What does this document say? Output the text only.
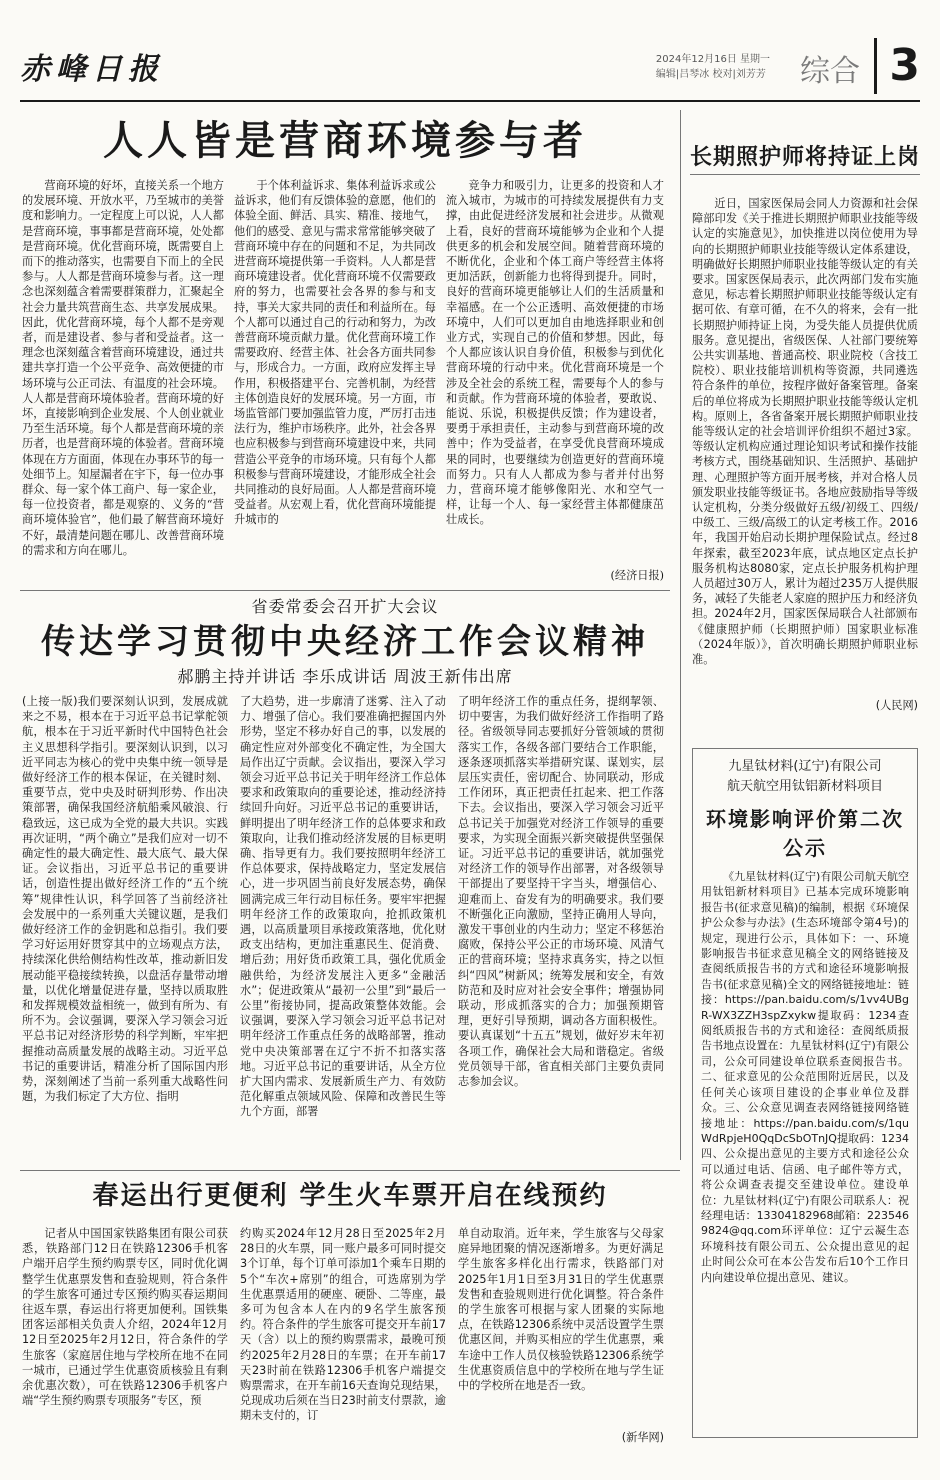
赤峰日报	2024年12月16日 星期一
编辑|吕琴冰 校对|刘芳芳 综合 3
人人皆是营商环境参与者

营商环境的好坏，直接关系一个地方的发展环境、开放水平，乃至城市的美誉度和影响力。一定程度上可以说，人人都是营商环境，事事都是营商环境，处处都是营商环境。优化营商环境，既需要自上而下的推动落实，也需要自下而上的全民参与。人人都是营商环境参与者。这一理念也深刻蕴含着需要群策群力，汇聚起全社会力量共筑营商生态、共享发展成果。因此，优化营商环境，每个人都不是旁观者，而是建设者、参与者和受益者。这一理念也深刻蕴含着营商环境建设，通过共建共享打造一个公平竞争、高效便捷的市场环境与公正司法、有温度的社会环境。人人都是营商环境体验者。营商环境的好坏，直接影响到企业发展、个人创业就业乃至生活环境。每个人都是营商环境的亲历者，也是营商环境的体验者。营商环境体现在方方面面，体现在办事环节的每一处细节上。知屋漏者在宇下，每一位办事群众、每一家个体工商户、每一家企业，每一位投资者，都是观察的、义务的“营商环境体验官”，他们最了解营商环境好不好，最清楚问题在哪儿、改善营商环境的需求和方向在哪儿。

于个体利益诉求、集体利益诉求或公益诉求，他们有反馈体验的意愿，他们的体验全面、鲜活、具实、精准、接地气，他们的感受、意见与需求常常能够突破了营商环境中存在的问题和不足，为共同改进营商环境提供第一手资料。人人都是营商环境建设者。优化营商环境不仅需要政府的努力，也需要社会各界的参与和支持，事关大家共同的责任和利益所在。每个人都可以通过自己的行动和努力，为改善营商环境贡献力量。优化营商环境工作需要政府、经营主体、社会各方面共同参与，形成合力。一方面，政府应发挥主导作用，积极搭建平台、完善机制，为经营主体创造良好的发展环境。另一方面，市场监管部门要加强监管力度，严厉打击违法行为，维护市场秩序。此外，社会各界也应积极参与到营商环境建设中来，共同营造公平竞争的市场环境。只有每个人都积极参与营商环境建设，才能形成全社会共同推动的良好局面。人人都是营商环境受益者。从宏观上看，优化营商环境能提升城市的

竞争力和吸引力，让更多的投资和人才流入城市，为城市的可持续发展提供有力支撑，由此促进经济发展和社会进步。从微观上看，良好的营商环境能够为企业和个人提供更多的机会和发展空间。随着营商环境的不断优化，企业和个体工商户等经营主体将更加活跃，创新能力也将得到提升。同时，良好的营商环境更能够让人们的生活质量和幸福感。在一个公正透明、高效便捷的市场环境中，人们可以更加自由地选择职业和创业方式，实现自己的价值和梦想。因此，每个人都应该认识自身价值，积极参与到优化营商环境的行动中来。优化营商环境是一个涉及全社会的系统工程，需要每个人的参与和贡献。作为营商环境的体验者，要敢说、能说、乐说，积极提供反馈；作为建设者，要勇于承担责任，主动参与到营商环境的改善中；作为受益者，在享受优良营商环境成果的同时，也要继续为创造更好的营商环境而努力。只有人人都成为参与者并付出努力，营商环境才能够像阳光、水和空气一样，让每一个人、每一家经营主体都健康茁壮成长。

(经济日报)
省委常委会召开扩大会议
传达学习贯彻中央经济工作会议精神
郝鹏主持并讲话 李乐成讲话 周波王新伟出席

(上接一版)我们要深刻认识到，发展成就来之不易，根本在于习近平总书记掌舵领航，根本在于习近平新时代中国特色社会主义思想科学指引。要深刻认识到，以习近平同志为核心的党中央集中统一领导是做好经济工作的根本保证，在关键时刻、重要节点，党中央及时研判形势、作出决策部署，确保我国经济航船乘风破浪、行稳致远，这已成为全党的最大共识。实践再次证明，“两个确立”是我们应对一切不确定性的最大确定性、最大底气、最大保证。会议指出，习近平总书记的重要讲话，创造性提出做好经济工作的“五个统筹”规律性认识，科学回答了当前经济社会发展中的一系列重大关键议题，是我们做好经济工作的金钥匙和总指引。我们要学习好运用好贯穿其中的立场观点方法，持续深化供给侧结构性改革，推动新旧发展动能平稳接续转换，以盘活存量带动增量，以优化增量促进存量，坚持以质取胜和发挥规模效益相统一，做到有所为、有所不为。会议强调，要深入学习领会习近平总书记对经济形势的科学判断，牢牢把握推动高质量发展的战略主动。习近平总书记的重要讲话，精准分析了国际国内形势，深刻阐述了当前一系列重大战略性问题，为我们标定了大方位、指明

了大趋势，进一步廓清了迷雾、注入了动力、增强了信心。我们要准确把握国内外形势，坚定不移办好自己的事，以发展的确定性应对外部变化不确定性，为全国大局作出辽宁贡献。会议指出，要深入学习领会习近平总书记关于明年经济工作总体要求和政策取向的重要论述，推动经济持续回升向好。习近平总书记的重要讲话，鲜明提出了明年经济工作的总体要求和政策取向，让我们推动经济发展的目标更明确、指导更有力。我们要按照明年经济工作总体要求，保持战略定力，坚定发展信心，进一步巩固当前良好发展态势，确保圆满完成三年行动目标任务。要牢牢把握明年经济工作的政策取向，抢抓政策机遇，以高质量项目承接政策落地，优化财政支出结构，更加注重惠民生、促消费、增后劲；用好货币政策工具，强化优质金融供给，为经济发展注入更多“金融活水”；促进政策从“最初一公里”到“最后一公里”衔接协同，提高政策整体效能。会议强调，要深入学习领会习近平总书记对明年经济工作重点任务的战略部署，推动党中央决策部署在辽宁不折不扣落实落地。习近平总书记的重要讲话，从全方位扩大国内需求、发展新质生产力、有效防范化解重点领域风险、保障和改善民生等九个方面，部署

了明年经济工作的重点任务，提纲挈领、切中要害，为我们做好经济工作指明了路径。省级领导同志要抓好分管领域的贯彻落实工作，各级各部门要结合工作职能，逐条逐项抓落实举措研究谋、谋划实，层层压实责任，密切配合、协同联动，形成工作闭环，真正把责任扛起来、把工作落下去。会议指出，要深入学习领会习近平总书记关于加强党对经济工作领导的重要要求，为实现全面振兴新突破提供坚强保证。习近平总书记的重要讲话，就加强党对经济工作的领导作出部署，对各级领导干部提出了要坚持干字当头，增强信心、迎难而上、奋发有为的明确要求。我们要不断强化正向激励，坚持正确用人导向，激发干事创业的内生动力；坚定不移惩治腐败，保持公平公正的市场环境、风清气正的营商环境；坚持求真务实，持之以恒纠“四风”树新风；统筹发展和安全，有效防范和及时应对社会安全事件；增强协同联动，形成抓落实的合力；加强预期管理，更好引导预期，调动各方面积极性。要认真谋划“十五五”规划，做好岁末年初各项工作，确保社会大局和谐稳定。省级党员领导干部，省直相关部门主要负责同志参加会议。

长期照护师将持证上岗

近日，国家医保局会同人力资源和社会保障部印发《关于推进长期照护师职业技能等级认定的实施意见》，加快推进以岗位使用为导向的长期照护师职业技能等级认定体系建设，明确做好长期照护师职业技能等级认定的有关要求。国家医保局表示，此次两部门发布实施意见，标志着长期照护师职业技能等级认定有据可依、有章可循，在不久的将来，会有一批长期照护师持证上岗，为受失能人员提供优质服务。意见提出，省级医保、人社部门要统筹公共实训基地、普通高校、职业院校（含技工院校）、职业技能培训机构等资源，共同遴选符合条件的单位，按程序做好备案管理。备案后的单位将成为长期照护职业技能等级认定机构。原则上，各省备案开展长期照护师职业技能等级认定的社会培训评价组织不超过3家。等级认定机构应通过理论知识考试和操作技能考核方式，围绕基础知识、生活照护、基础护理、心理照护等方面开展考核，并对合格人员颁发职业技能等级证书。各地应鼓励指导等级认定机构，分类分级做好五级/初级工、四级/中级工、三级/高级工的认定考核工作。2016年，我国开始启动长期护理保险试点。经过8年探索，截至2023年底，试点地区定点长护服务机构达8080家，定点长护服务机构护理人员超过30万人，累计为超过235万人提供服务，减轻了失能老人家庭的照护压力和经济负担。2024年2月，国家医保局联合人社部颁布《健康照护师（长期照护师）国家职业标准（2024年版）》，首次明确长期照护师职业标准。

(人民网)
九星钛材料(辽宁)有限公司
航天航空用钛铝新材料项目
环境影响评价第二次公示
《九星钛材料(辽宁)有限公司航天航空用钛铝新材料项目》已基本完成环境影响报告书(征求意见稿)的编制，根据《环境保护公众参与办法》(生态环境部令第4号)的规定，现进行公示，具体如下：一、环境影响报告书征求意见稿全文的网络链接及查阅纸质报告书的方式和途径环境影响报告书(征求意见稿)全文的网络链接地址：链接：https://pan.baidu.com/s/1vv4UBgR-WX3ZZH3spZxykw提取码：1234查阅纸质报告书的方式和途径：查阅纸质报告书地点设置在：九星钛材料(辽宁)有限公司，公众可同建设单位联系查阅报告书。二、征求意见的公众范围附近居民，以及任何关心该项目建设的企事业单位及群众。三、公众意见调查表网络链接网络链接地址：https://pan.baidu.com/s/1quWdRpjeH0QqDcSbOTnJQ提取码：1234四、公众提出意见的主要方式和途径公众可以通过电话、信函、电子邮件等方式，将公众调查表提交至建设单位。建设单位：九星钛材料(辽宁)有限公司联系人：祝经理电话：13304182968邮箱：2235469824@qq.com环评单位：辽宁云凝生态环境科技有限公司五、公众提出意见的起止时间公众可在本公告发布后10个工作日内向建设单位提出意见、建议。
春运出行更便利 学生火车票开启在线预约

记者从中国国家铁路集团有限公司获悉，铁路部门12日在铁路12306手机客户端开启学生预约购票专区，同时优化调整学生优惠票发售和查验规则，符合条件的学生旅客可通过专区预约购买春运期间往返车票，春运出行将更加便利。国铁集团客运部相关负责人介绍，2024年12月12日至2025年2月12日，符合条件的学生旅客（家庭居住地与学校所在地不在同一城市，已通过学生优惠资质核验且有剩余优惠次数），可在铁路12306手机客户端“学生预约购票专项服务”专区，预

约购买2024年12月28日至2025年2月28日的火车票，同一账户最多可同时提交3个订单，每个订单可添加1个乘车日期的5个“车次+席别”的组合，可选席别为学生优惠票适用的硬座、硬卧、二等座，最多可为包含本人在内的9名学生旅客预约。符合条件的学生旅客可提交开车前17天（含）以上的预约购票需求，最晚可预约2025年2月28日的车票；在开车前17天23时前在铁路12306手机客户端提交购票需求，在开车前16天查询兑现结果，兑现成功后须在当日23时前支付票款，逾期未支付的，订

单自动取消。近年来，学生旅客与父母家庭异地团聚的情况逐渐增多。为更好满足学生旅客多样化出行需求，铁路部门对2025年1月1日至3月31日的学生优惠票发售和查验规则进行优化调整。符合条件的学生旅客可根据与家人团聚的实际地点，在铁路12306系统中灵活设置学生票优惠区间，并购买相应的学生优惠票，乘车途中工作人员仅核验铁路12306系统学生优惠资质信息中的学校所在地与学生证中的学校所在地是否一致。

(新华网)
